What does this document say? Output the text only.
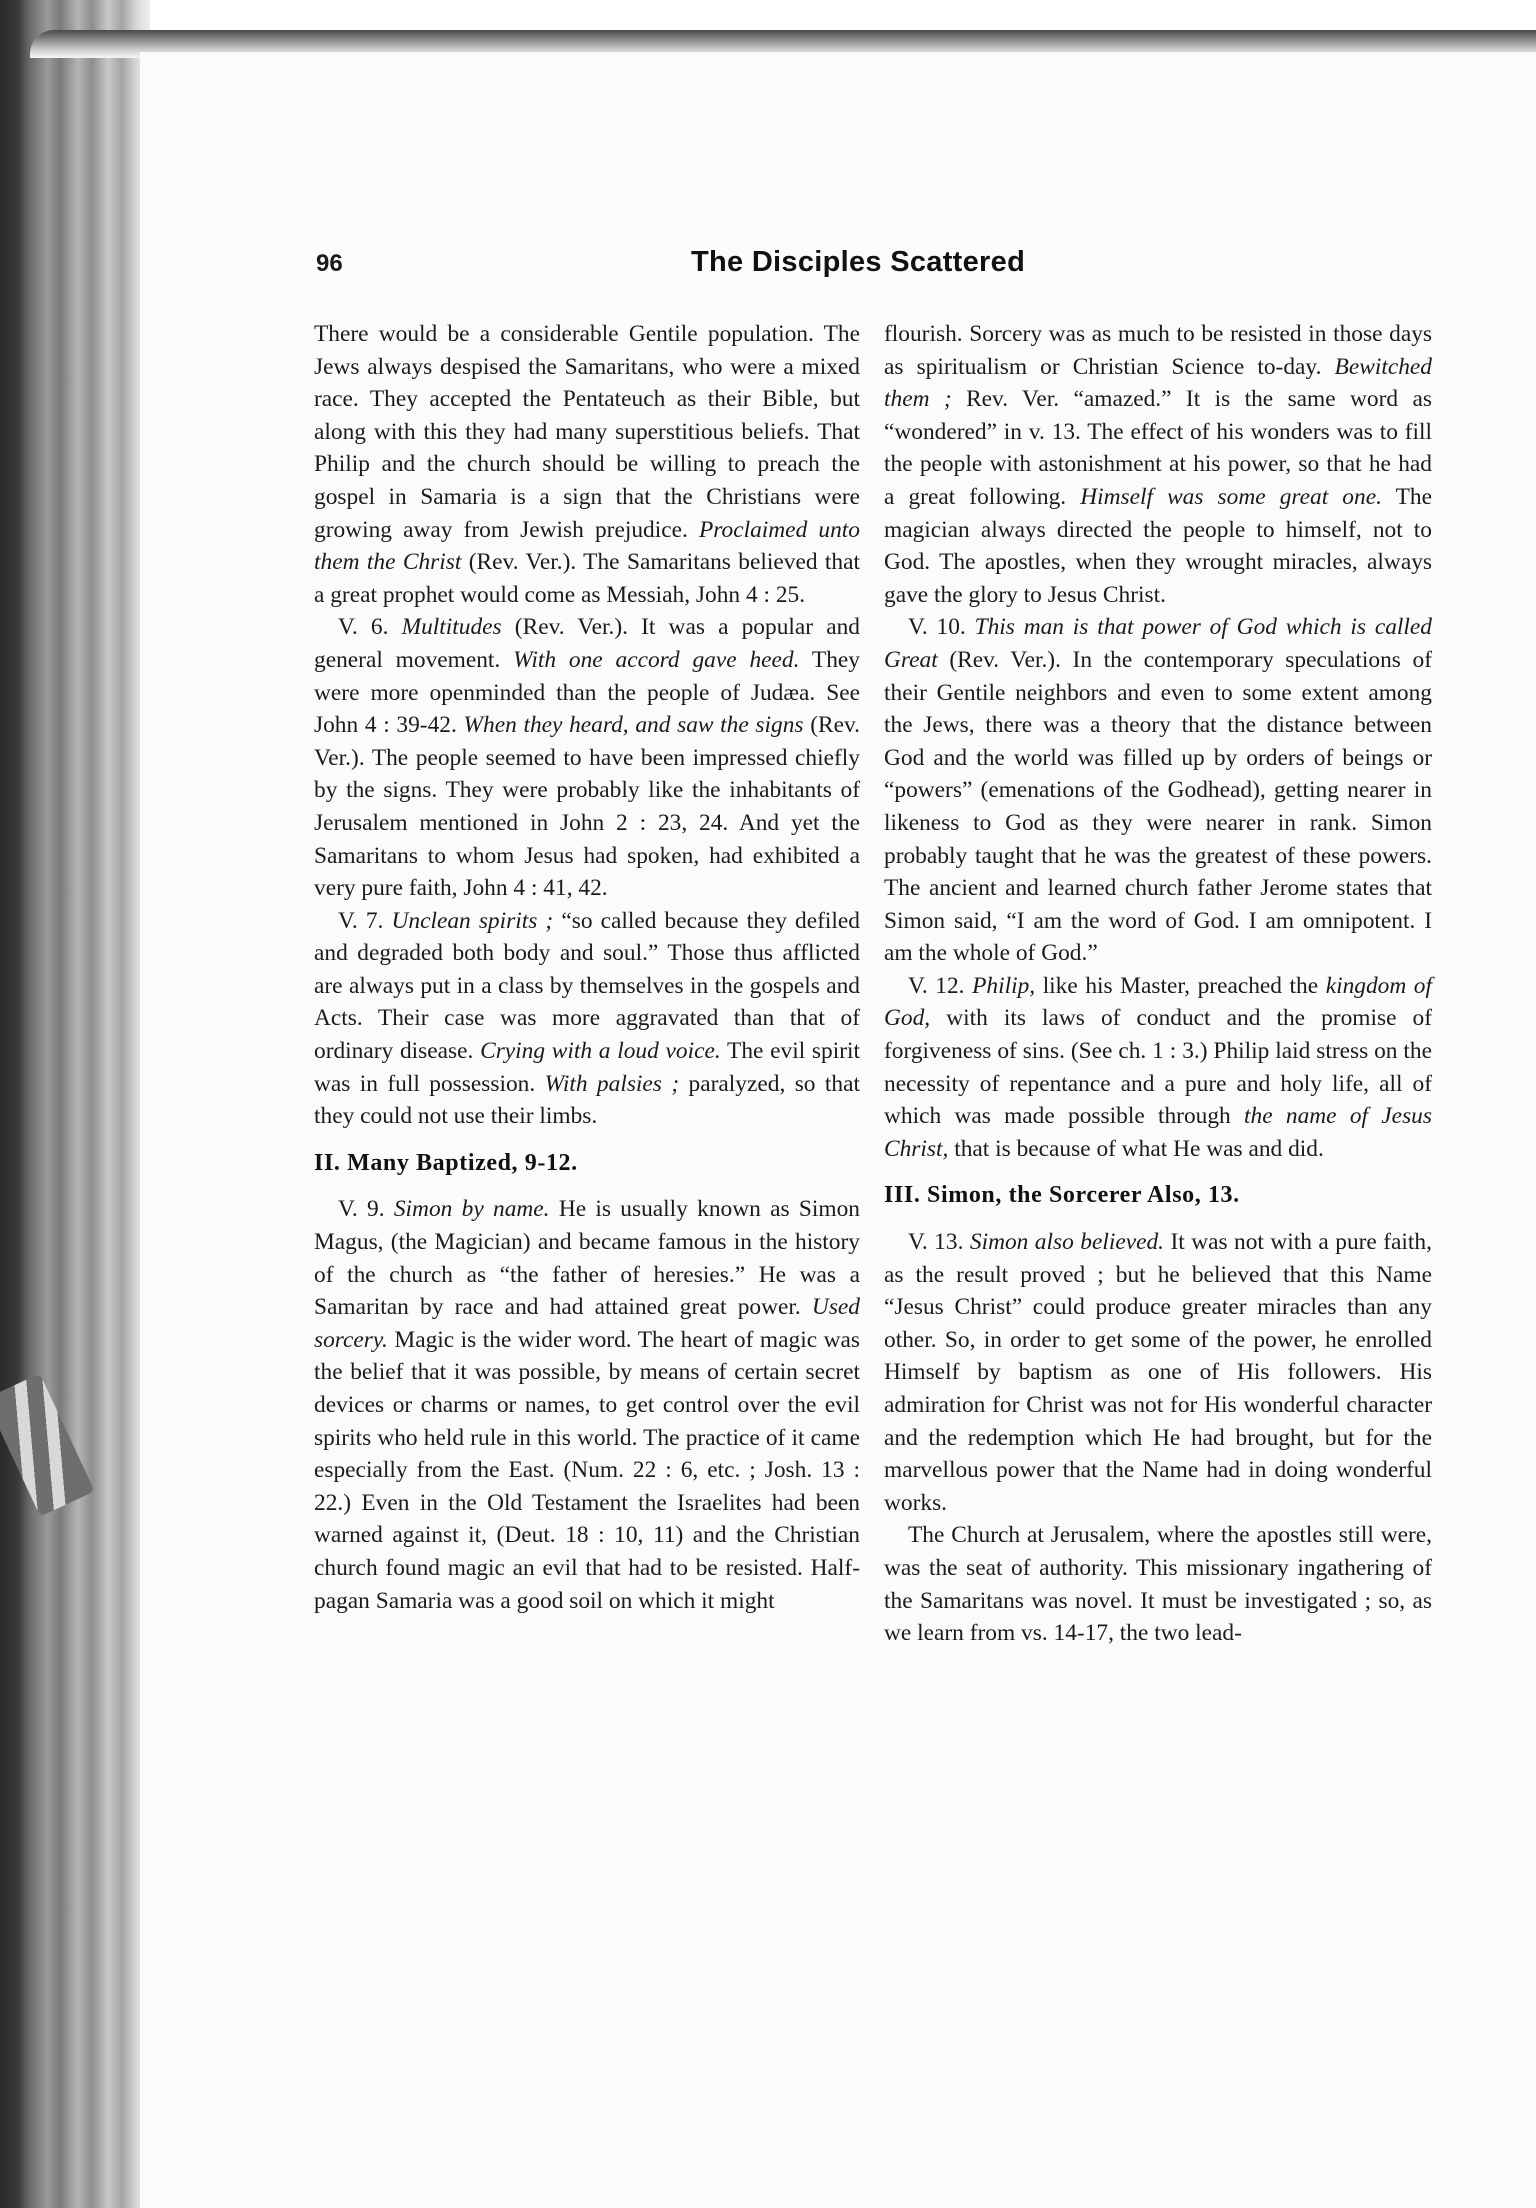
96	The Disciples Scattered

There would be a considerable Gentile population. The Jews always despised the Samaritans, who were a mixed race. They accepted the Pentateuch as their Bible, but along with this they had many superstitious beliefs. That Philip and the church should be willing to preach the gospel in Samaria is a sign that the Christians were growing away from Jewish prejudice. Proclaimed unto them the Christ (Rev. Ver.). The Samaritans believed that a great prophet would come as Messiah, John 4 : 25.

V. 6. Multitudes (Rev. Ver.). It was a popular and general movement. With one accord gave heed. They were more openminded than the people of Judæa. See John 4 : 39-42. When they heard, and saw the signs (Rev. Ver.). The people seemed to have been impressed chiefly by the signs. They were probably like the inhabitants of Jerusalem mentioned in John 2 : 23, 24. And yet the Samaritans to whom Jesus had spoken, had exhibited a very pure faith, John 4 : 41, 42.

V. 7. Unclean spirits ; “so called because they defiled and degraded both body and soul.” Those thus afflicted are always put in a class by themselves in the gospels and Acts. Their case was more aggravated than that of ordinary disease. Crying with a loud voice. The evil spirit was in full possession. With palsies ; paralyzed, so that they could not use their limbs.

II. Many Baptized, 9-12.

V. 9. Simon by name. He is usually known as Simon Magus, (the Magician) and became famous in the history of the church as “the father of heresies.” He was a Samaritan by race and had attained great power. Used sorcery. Magic is the wider word. The heart of magic was the belief that it was possible, by means of certain secret devices or charms or names, to get control over the evil spirits who held rule in this world. The practice of it came especially from the East. (Num. 22 : 6, etc. ; Josh. 13 : 22.) Even in the Old Testament the Israelites had been warned against it, (Deut. 18 : 10, 11) and the Christian church found magic an evil that had to be resisted. Half-pagan Samaria was a good soil on which it might

flourish. Sorcery was as much to be resisted in those days as spiritualism or Christian Science to-day. Bewitched them ; Rev. Ver. “amazed.” It is the same word as “wondered” in v. 13. The effect of his wonders was to fill the people with astonishment at his power, so that he had a great following. Himself was some great one. The magician always directed the people to himself, not to God. The apostles, when they wrought miracles, always gave the glory to Jesus Christ.

V. 10. This man is that power of God which is called Great (Rev. Ver.). In the contemporary speculations of their Gentile neighbors and even to some extent among the Jews, there was a theory that the distance between God and the world was filled up by orders of beings or “powers” (emenations of the Godhead), getting nearer in likeness to God as they were nearer in rank. Simon probably taught that he was the greatest of these powers. The ancient and learned church father Jerome states that Simon said, “I am the word of God. I am omnipotent. I am the whole of God.”

V. 12. Philip, like his Master, preached the kingdom of God, with its laws of conduct and the promise of forgiveness of sins. (See ch. 1 : 3.) Philip laid stress on the necessity of repentance and a pure and holy life, all of which was made possible through the name of Jesus Christ, that is because of what He was and did.

III. Simon, the Sorcerer Also, 13.

V. 13. Simon also believed. It was not with a pure faith, as the result proved ; but he believed that this Name “Jesus Christ” could produce greater miracles than any other. So, in order to get some of the power, he enrolled Himself by baptism as one of His followers. His admiration for Christ was not for His wonderful character and the redemption which He had brought, but for the marvellous power that the Name had in doing wonderful works.

The Church at Jerusalem, where the apostles still were, was the seat of authority. This missionary ingathering of the Samaritans was novel. It must be investigated ; so, as we learn from vs. 14-17, the two lead-
